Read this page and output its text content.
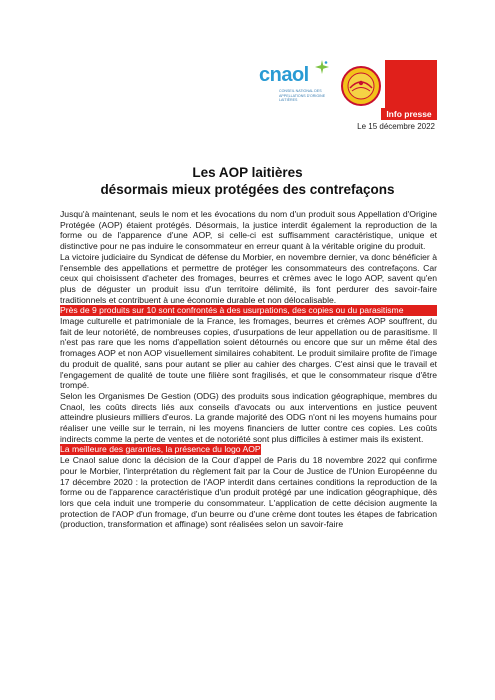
cnaol
CONSEIL NATIONAL DES APPELLATIONS D'ORIGINE LAITIÈRES
Info presse
Le 15 décembre 2022
Les AOP laitières
désormais mieux protégées des contrefaçons

Jusqu'à maintenant, seuls le nom et les évocations du nom d'un produit sous Appellation d'Origine Protégée (AOP) étaient protégés. Désormais, la justice interdit également la reproduction de la forme ou de l'apparence d'une AOP, si celle-ci est suffisamment caractéristique, unique et distinctive pour ne pas induire le consommateur en erreur quant à la véritable origine du produit.

La victoire judiciaire du Syndicat de défense du Morbier, en novembre dernier, va donc bénéficier à l'ensemble des appellations et permettre de protéger les consommateurs des contrefaçons. Car ceux qui choisissent d'acheter des fromages, beurres et crèmes avec le logo AOP, savent qu'en plus de déguster un produit issu d'un territoire délimité, ils font perdurer des savoir-faire traditionnels et contribuent à une économie durable et non délocalisable.

Près de 9 produits sur 10 sont confrontés à des usurpations, des copies ou du parasitisme

Image culturelle et patrimoniale de la France, les fromages, beurres et crèmes AOP souffrent, du fait de leur notoriété, de nombreuses copies, d'usurpations de leur appellation ou de parasitisme. Il n'est pas rare que les noms d'appellation soient détournés ou encore que sur un même étal des fromages AOP et non AOP visuellement similaires cohabitent. Le produit similaire profite de l'image du produit de qualité, sans pour autant se plier au cahier des charges. C'est ainsi que le travail et l'engagement de qualité de toute une filière sont fragilisés, et que le consommateur risque d'être trompé.

Selon les Organismes De Gestion (ODG) des produits sous indication géographique, membres du Cnaol, les coûts directs liés aux conseils d'avocats ou aux interventions en justice peuvent atteindre plusieurs milliers d'euros. La grande majorité des ODG n'ont ni les moyens humains pour réaliser une veille sur le terrain, ni les moyens financiers de lutter contre ces copies. Les coûts indirects comme la perte de ventes et de notoriété sont plus difficiles à estimer mais ils existent.

La meilleure des garanties, la présence du logo AOP

Le Cnaol salue donc la décision de la Cour d'appel de Paris du 18 novembre 2022 qui confirme pour le Morbier, l'interprétation du règlement fait par la Cour de Justice de l'Union Européenne du 17 décembre 2020 : la protection de l'AOP interdit dans certaines conditions la reproduction de la forme ou de l'apparence caractéristique d'un produit protégé par une indication géographique, dès lors que cela induit une tromperie du consommateur. L'application de cette décision augmente la protection de l'AOP d'un fromage, d'un beurre ou d'une crème dont toutes les étapes de fabrication (production, transformation et affinage) sont réalisées selon un savoir-faire
